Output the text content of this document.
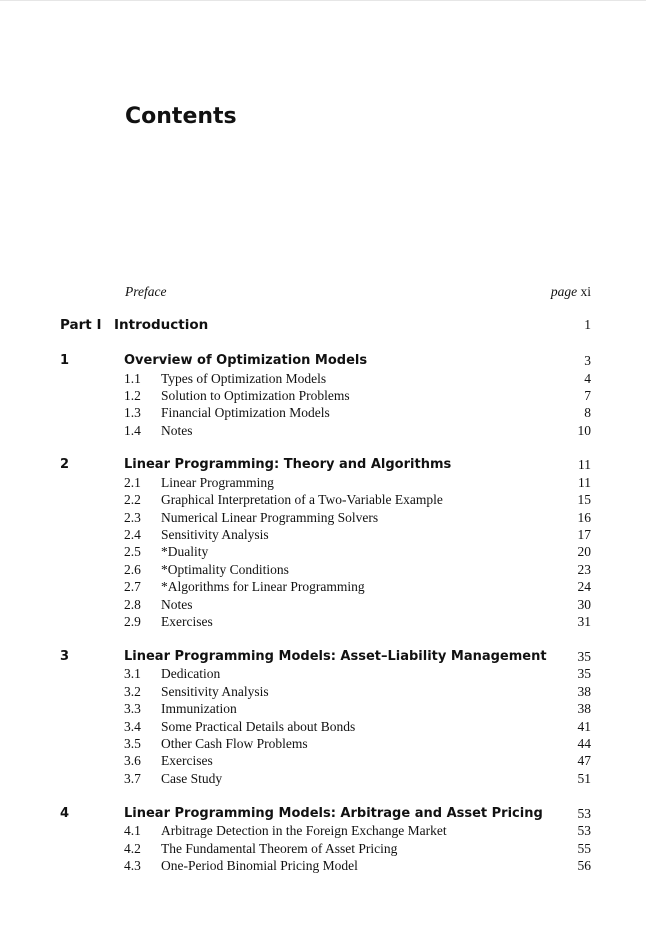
Contents
Preface	page xi
Part I Introduction	1
1	Overview of Optimization Models	3
1.1 Types of Optimization Models	4
1.2 Solution to Optimization Problems	7
1.3 Financial Optimization Models	8
1.4 Notes	10
2	Linear Programming: Theory and Algorithms	11
2.1 Linear Programming	11
2.2 Graphical Interpretation of a Two-Variable Example	15
2.3 Numerical Linear Programming Solvers	16
2.4 Sensitivity Analysis	17
2.5 *Duality	20
2.6 *Optimality Conditions	23
2.7 *Algorithms for Linear Programming	24
2.8 Notes	30
2.9 Exercises	31
3	Linear Programming Models: Asset–Liability Management 35
3.1 Dedication	35
3.2 Sensitivity Analysis	38
3.3 Immunization	38
3.4 Some Practical Details about Bonds	41
3.5 Other Cash Flow Problems	44
3.6 Exercises	47
3.7 Case Study	51
4	Linear Programming Models: Arbitrage and Asset Pricing	53
4.1 Arbitrage Detection in the Foreign Exchange Market	53
4.2 The Fundamental Theorem of Asset Pricing	55
4.3 One-Period Binomial Pricing Model	56
